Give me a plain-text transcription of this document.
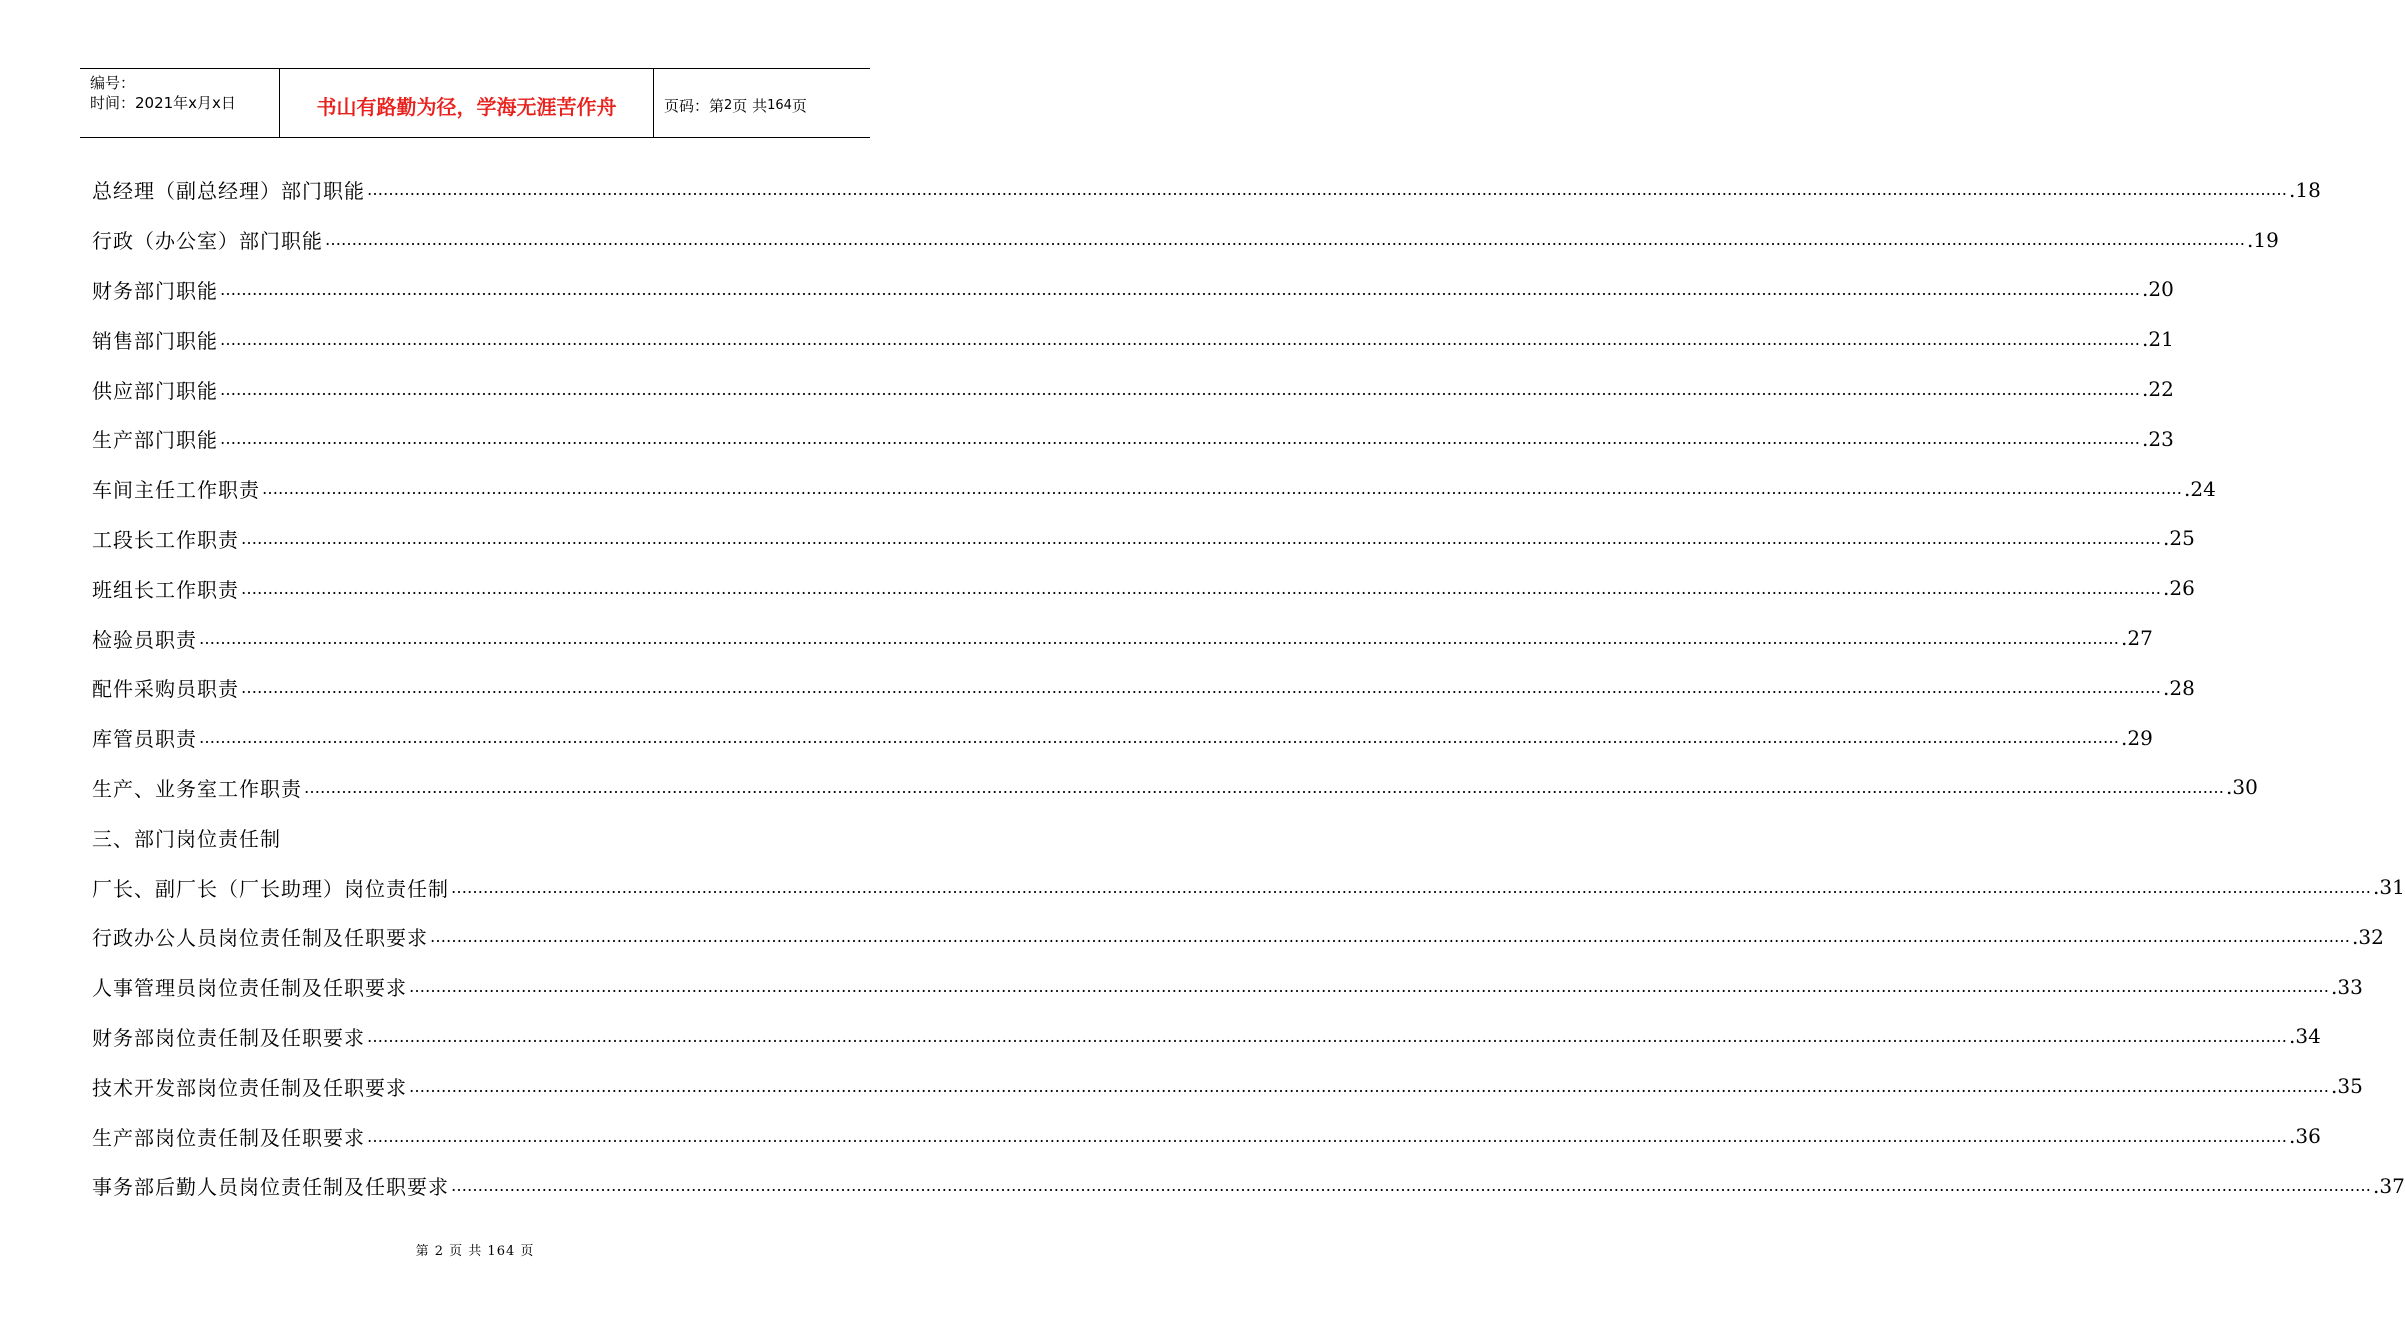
编号：
时间：2021年x月x日	书山有路勤为径，学海无涯苦作舟	页码：第 2 页 共 164 页
总经理（副总经理）部门职能 ……………………………………………………………………………………………………………………………………………………………………………………………………………………………………………………………………………………………………………………………… .18
行政（办公室）部门职能 ……………………………………………………………………………………………………………………………………………………………………………………………………………………………………………………………………………………………………………………………… .19
财务部门职能 ……………………………………………………………………………………………………………………………………………………………………………………………………………………………………………………………………………………………………………………………… .20
销售部门职能 ……………………………………………………………………………………………………………………………………………………………………………………………………………………………………………………………………………………………………………………………… .21
供应部门职能 ……………………………………………………………………………………………………………………………………………………………………………………………………………………………………………………………………………………………………………………………… .22
生产部门职能 ……………………………………………………………………………………………………………………………………………………………………………………………………………………………………………………………………………………………………………………………… .23
车间主任工作职责 ……………………………………………………………………………………………………………………………………………………………………………………………………………………………………………………………………………………………………………………………… .24
工段长工作职责 ……………………………………………………………………………………………………………………………………………………………………………………………………………………………………………………………………………………………………………………………… .25
班组长工作职责 ……………………………………………………………………………………………………………………………………………………………………………………………………………………………………………………………………………………………………………………………… .26
检验员职责 ……………………………………………………………………………………………………………………………………………………………………………………………………………………………………………………………………………………………………………………………… .27
配件采购员职责 ……………………………………………………………………………………………………………………………………………………………………………………………………………………………………………………………………………………………………………………………… .28
库管员职责 ……………………………………………………………………………………………………………………………………………………………………………………………………………………………………………………………………………………………………………………………… .29
生产、业务室工作职责 ……………………………………………………………………………………………………………………………………………………………………………………………………………………………………………………………………………………………………………………………… .30
三、部门岗位责任制
厂长、副厂长（厂长助理）岗位责任制 ……………………………………………………………………………………………………………………………………………………………………………………………………………………………………………………………………………………………………………………………… .31
行政办公人员岗位责任制及任职要求 ……………………………………………………………………………………………………………………………………………………………………………………………………………………………………………………………………………………………………………………………… .32
人事管理员岗位责任制及任职要求 ……………………………………………………………………………………………………………………………………………………………………………………………………………………………………………………………………………………………………………………………… .33
财务部岗位责任制及任职要求 ……………………………………………………………………………………………………………………………………………………………………………………………………………………………………………………………………………………………………………………………… .34
技术开发部岗位责任制及任职要求 ……………………………………………………………………………………………………………………………………………………………………………………………………………………………………………………………………………………………………………………………… .35
生产部岗位责任制及任职要求 ……………………………………………………………………………………………………………………………………………………………………………………………………………………………………………………………………………………………………………………………… .36
事务部后勤人员岗位责任制及任职要求 ……………………………………………………………………………………………………………………………………………………………………………………………………………………………………………………………………………………………………………………………… .37
第 2 页 共 164 页
